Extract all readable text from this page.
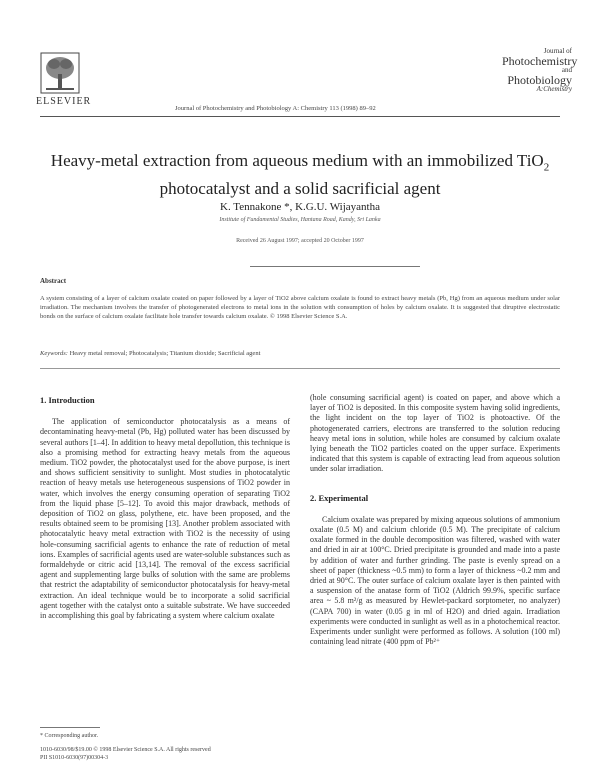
ELSEVIER
Journal of
Photochemistry
and
Photobiology
A:Chemistry
Journal of Photochemistry and Photobiology A: Chemistry 113 (1998) 89–92
Heavy-metal extraction from aqueous medium with an immobilized TiO$_2$
photocatalyst and a solid sacrificial agent
K. Tennakone *, K.G.U. Wijayantha
Institute of Fundamental Studies, Hantana Road, Kandy, Sri Lanka
Received 26 August 1997; accepted 20 October 1997
Abstract
A system consisting of a layer of calcium oxalate coated on paper followed by a layer of TiO2 above calcium oxalate is found to extract heavy metals (Pb, Hg) from an aqueous medium under solar irradiation. The mechanism involves the transfer of photogenerated electrons to metal ions in the solution with consumption of holes by calcium oxalate. It is suggested that diruptive electrostatic bonds on the surface of calcium oxalate facilitate hole transfer towards calcium oxalate. © 1998 Elsevier Science S.A.
Keywords: Heavy metal removal; Photocatalysis; Titanium dioxide; Sacrificial agent
1. Introduction

The application of semiconductor photocatalysis as a means of decontaminating heavy-metal (Pb, Hg) polluted water has been discussed by several authors [1–4]. In addition to heavy metal depollution, this technique is also a promising method for extracting heavy metals from the aqueous medium. TiO2 powder, the photocatalyst used for the above purpose, is inert and shows sufficient sensitivity to sunlight. Most studies in photocatalytic reaction of heavy metals use heterogeneous suspensions of TiO2 powder in water, which involves the energy consuming operation of separating TiO2 from the liquid phase [5–12]. To avoid this major drawback, methods of deposition of TiO2 on glass, polythene, etc. have been proposed, and the results obtained seem to be promising [13]. Another problem associated with photocatalytic heavy metal extraction with TiO2 is the necessity of using hole-consuming sacrificial agents to enhance the rate of reduction of metal ions. Examples of sacrificial agents used are water-soluble substances such as formaldehyde or citric acid [13,14]. The removal of the excess sacrificial agent and supplementing large bulks of solution with the same are problems that restrict the adaptability of semiconductor photocatalysis for heavy-metal extraction. An ideal technique would be to incorporate a solid sacrificial agent together with the catalyst onto a suitable substrate. We have succeeded in accomplishing this goal by fabricating a system where calcium oxalate

(hole consuming sacrificial agent) is coated on paper, and above which a layer of TiO2 is deposited. In this composite system having solid ingredients, the light incident on the top layer of TiO2 is photoactive. Of the photogenerated carriers, electrons are transferred to the solution reducing heavy metal ions in solution, while holes are consumed by calcium oxalate lying beneath the TiO2 particles coated on the upper surface. Experiments indicated that this system is capable of extracting lead from aqueous solution under solar irradiation.

2. Experimental

Calcium oxalate was prepared by mixing aqueous solutions of ammonium oxalate (0.5 M) and calcium chloride (0.5 M). The precipitate of calcium oxalate formed in the double decomposition was filtered, washed with water and dried in air at 100°C. Dried precipitate is grounded and made into a paste by addition of water and further grinding. The paste is evenly spread on a sheet of paper (thickness ~0.5 mm) to form a layer of thickness ~0.2 mm and dried at 90°C. The outer surface of calcium oxalate layer is then painted with a suspension of the anatase form of TiO2 (Aldrich 99.9%, specific surface area ~ 5.8 m²/g as measured by Hewlet-packard sorptometer, no analyzer) (CAPA 700) in water (0.05 g in ml of H2O) and dried again. Irradiation experiments were conducted in sunlight as well as in a photochemical reactor. Experiments under sunlight were performed as follows. A solution (100 ml) containing lead nitrate (400 ppm of Pb²⁺

* Corresponding author.
1010-6030/98/$19.00 © 1998 Elsevier Science S.A. All rights reserved
PII S1010-6030(97)00304-3
